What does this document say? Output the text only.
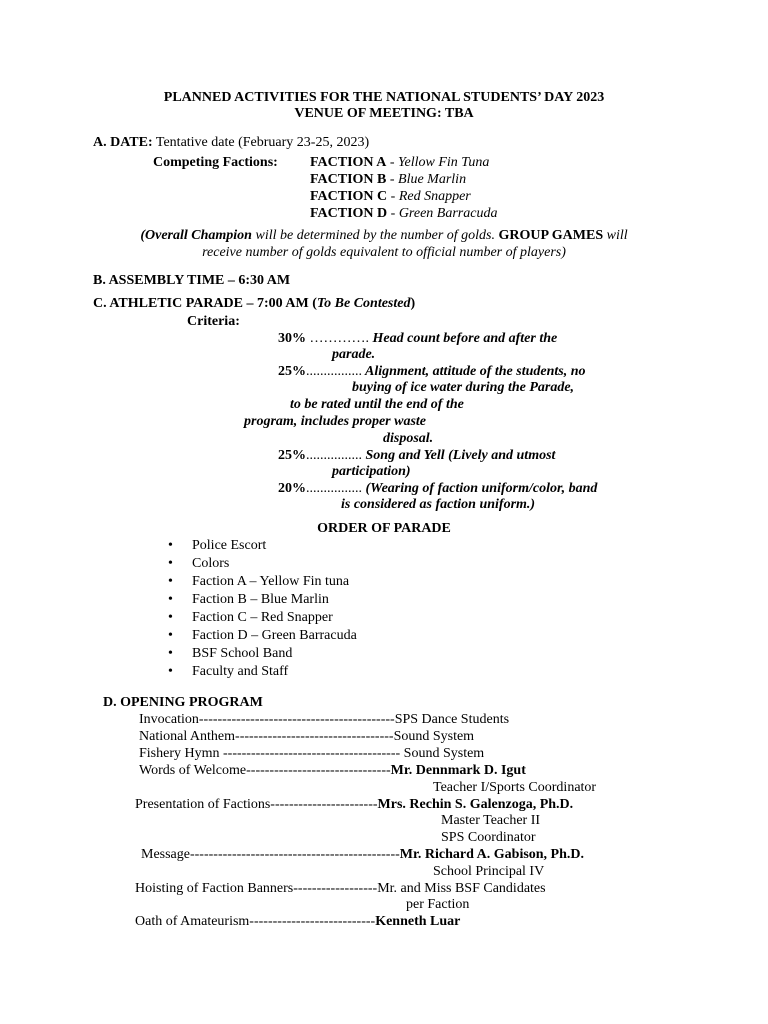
PLANNED ACTIVITIES FOR THE NATIONAL STUDENTS’ DAY 2023
VENUE OF MEETING: TBA
A. DATE: Tentative date (February 23-25, 2023)
Competing Factions: FACTION A - Yellow Fin Tuna
FACTION B - Blue Marlin
FACTION C - Red Snapper
FACTION D - Green Barracuda
(Overall Champion will be determined by the number of golds. GROUP GAMES will
receive number of golds equivalent to official number of players)
B. ASSEMBLY TIME – 6:30 AM
C. ATHLETIC PARADE – 7:00 AM (To Be Contested)
Criteria:
30% …………. Head count before and after the
parade.
25%................ Alignment, attitude of the students, no
buying of ice water during the Parade,
to be rated until the end of the
program, includes proper waste
disposal.
25%................ Song and Yell (Lively and utmost
participation)
20%................ (Wearing of faction uniform/color, band
is considered as faction uniform.)
ORDER OF PARADE
• Police Escort
• Colors
• Faction A – Yellow Fin tuna
• Faction B – Blue Marlin
• Faction C – Red Snapper
• Faction D – Green Barracuda
• BSF School Band
• Faculty and Staff
D. OPENING PROGRAM
Invocation------------------------------------------SPS Dance Students
National Anthem----------------------------------Sound System
Fishery Hymn -------------------------------------- Sound System
Words of Welcome-------------------------------Mr. Dennmark D. Igut
Teacher I/Sports Coordinator
Presentation of Factions-----------------------Mrs. Rechin S. Galenzoga, Ph.D.
Master Teacher II
SPS Coordinator
Message---------------------------------------------Mr. Richard A. Gabison, Ph.D.
School Principal IV
Hoisting of Faction Banners------------------Mr. and Miss BSF Candidates
per Faction
Oath of Amateurism---------------------------Kenneth Luar
